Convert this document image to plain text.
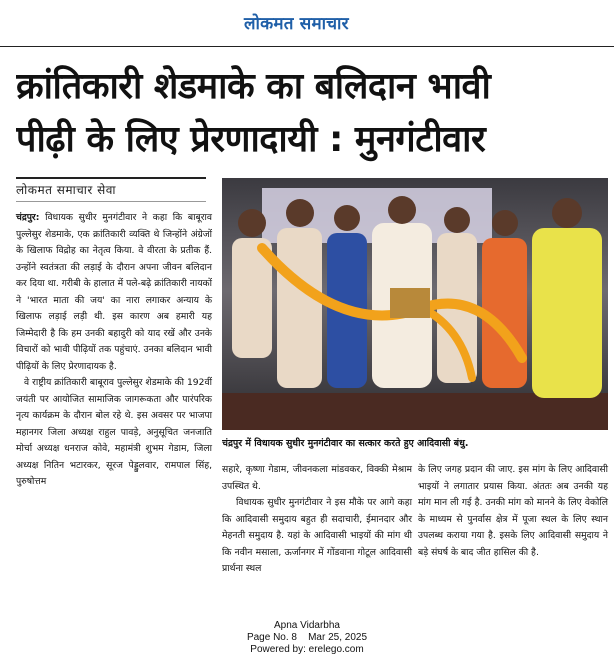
लोकमत समाचार
क्रांतिकारी शेडमाके का बलिदान भावी
पीढ़ी के लिए प्रेरणादायी : मुनगंटीवार
लोकमत समाचार सेवा

चंद्रपुर: विधायक सुधीर मुनगंटीवार ने कहा कि बाबूराव पुल्लेसुर शेडमाके, एक क्रांतिकारी व्यक्ति थे जिन्होंने अंग्रेजों के खिलाफ विद्रोह का नेतृत्व किया. वे वीरता के प्रतीक हैं. उन्होंने स्वतंत्रता की लड़ाई के दौरान अपना जीवन बलिदान कर दिया था. गरीबी के हालात में पले-बढ़े क्रांतिकारी नायकों ने 'भारत माता की जय' का नारा लगाकर अन्याय के खिलाफ लड़ाई लड़ी थी. इस कारण अब हमारी यह जिम्मेदारी है कि हम उनकी बहादुरी को याद रखें और उनके विचारों को भावी पीढ़ियों तक पहुंचाएं. उनका बलिदान भावी पीढ़ियों के लिए प्रेरणादायक है.

वे राष्ट्रीय क्रांतिकारी बाबूराव पुल्लेसुर शेडमाके की 192वीं जयंती पर आयोजित सामाजिक जागरूकता और पारंपरिक नृत्य कार्यक्रम के दौरान बोल रहे थे. इस अवसर पर भाजपा महानगर जिला अध्यक्ष राहुल पावड़े, अनुसूचित जनजाति मोर्चा अध्यक्ष धनराज कोवे, महामंत्री शुभम गेडाम, जिला अध्यक्ष नितिन भटारकर, सूरज पेड्डुलवार, रामपाल सिंह, पुरुषोत्तम

चंद्रपुर में विधायक सुधीर मुनगंटीवार का सत्कार करते हुए आदिवासी बंधु.

सहारे, कृष्णा गेडाम, जीवनकला मांडवकर, विक्की मेश्राम उपस्थित थे.

विधायक सुधीर मुनगंटीवार ने इस मौके पर आगे कहा कि आदिवासी समुदाय बहुत ही सदाचारी, ईमानदार और मेहनती समुदाय है. यहां के आदिवासी भाइयों की मांग थी कि नवीन मसाला, ऊर्जानगर में गोंडवाना गोटूल आदिवासी प्रार्थना स्थल

के लिए जगह प्रदान की जाए. इस मांग के लिए आदिवासी भाइयों ने लगातार प्रयास किया. अंततः अब उनकी यह मांग मान ली गई है. उनकी मांग को मानने के लिए वेकोलि के माध्यम से पुनर्वास क्षेत्र में पूजा स्थल के लिए स्थान उपलब्ध कराया गया है. इसके लिए आदिवासी समुदाय ने बड़े संघर्ष के बाद जीत हासिल की है.

Apna Vidarbha
Page No. 8    Mar 25, 2025
Powered by: erelego.com
